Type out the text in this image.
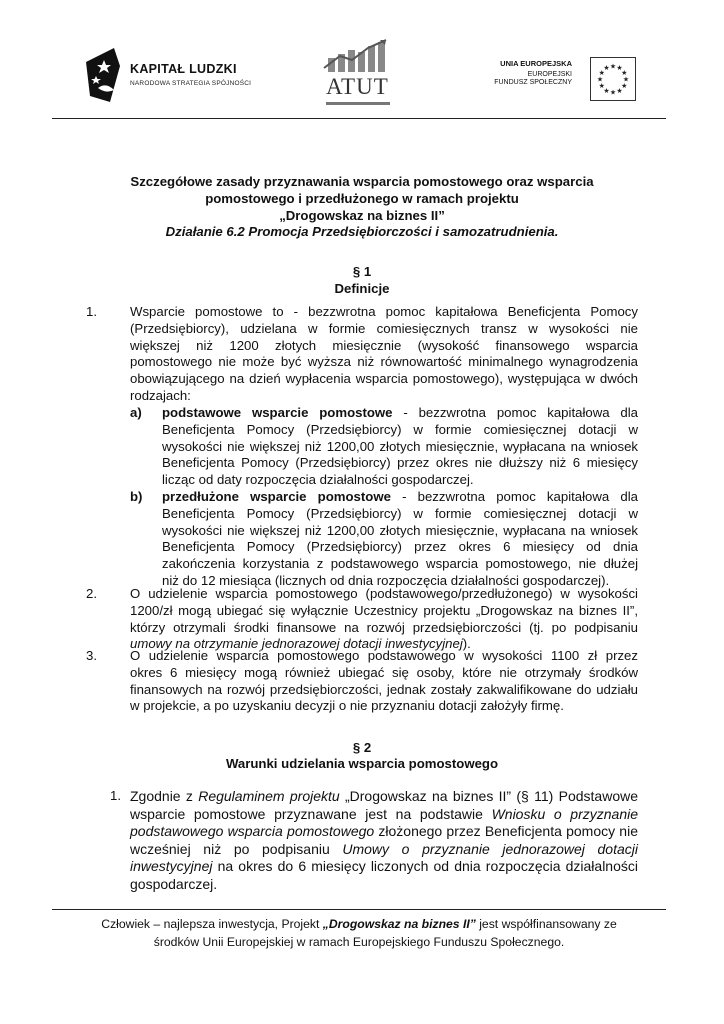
KAPITAŁ LUDZKI
NARODOWA STRATEGIA SPÓJNOŚCI	ATUT
UNIA EUROPEJSKA
EUROPEJSKI
FUNDUSZ SPOŁECZNY
★ ★
★
★
★
★
★
★
★
★
★
★
Szczegółowe zasady przyznawania wsparcia pomostowego oraz wsparcia
pomostowego i przedłużonego w ramach projektu
„Drogowskaz na biznes II”
Działanie 6.2 Promocja Przedsiębiorczości i samozatrudnienia.
§ 1
Definicje
1.	Wsparcie pomostowe to - bezzwrotna pomoc kapitałowa Beneficjenta Pomocy
(Przedsiębiorcy), udzielana w formie comiesięcznych transz w wysokości nie
większej niż 1200 złotych miesięcznie (wysokość finansowego wsparcia
pomostowego nie może być wyższa niż równowartość minimalnego wynagrodzenia
obowiązującego na dzień wypłacenia wsparcia pomostowego), występująca w dwóch
rodzajach:
a) podstawowe wsparcie pomostowe - bezzwrotna pomoc kapitałowa dla
Beneficjenta Pomocy (Przedsiębiorcy) w formie comiesięcznej dotacji w
wysokości nie większej niż 1200,00 złotych miesięcznie, wypłacana na wniosek
Beneficjenta Pomocy (Przedsiębiorcy) przez okres nie dłuższy niż 6 miesięcy
licząc od daty rozpoczęcia działalności gospodarczej.
b) przedłużone wsparcie pomostowe - bezzwrotna pomoc kapitałowa dla
Beneficjenta Pomocy (Przedsiębiorcy) w formie comiesięcznej dotacji w
wysokości nie większej niż 1200,00 złotych miesięcznie, wypłacana na wniosek
Beneficjenta Pomocy (Przedsiębiorcy) przez okres 6 miesięcy od dnia
zakończenia korzystania z podstawowego wsparcia pomostowego, nie dłużej
niż do 12 miesiąca (licznych od dnia rozpoczęcia działalności gospodarczej).
2.	O udzielenie wsparcia pomostowego (podstawowego/przedłużonego) w wysokości
1200/zł mogą ubiegać się wyłącznie Uczestnicy projektu „Drogowskaz na biznes II”,
którzy otrzymali środki finansowe na rozwój przedsiębiorczości (tj. po podpisaniu
umowy na otrzymanie jednorazowej dotacji inwestycyjnej).
3.	O udzielenie wsparcia pomostowego podstawowego w wysokości 1100 zł przez
okres 6 miesięcy mogą również ubiegać się osoby, które nie otrzymały środków
finansowych na rozwój przedsiębiorczości, jednak zostały zakwalifikowane do udziału
w projekcie, a po uzyskaniu decyzji o nie przyznaniu dotacji założyły firmę.
§ 2
Warunki udzielania wsparcia pomostowego
1. Zgodnie z Regulaminem projektu „Drogowskaz na biznes II” (§ 11) Podstawowe
wsparcie pomostowe przyznawane jest na podstawie Wniosku o przyznanie
podstawowego wsparcia pomostowego złożonego przez Beneficjenta pomocy nie
wcześniej niż po podpisaniu Umowy o przyznanie jednorazowej dotacji
inwestycyjnej na okres do 6 miesięcy liczonych od dnia rozpoczęcia działalności
gospodarczej.
Człowiek – najlepsza inwestycja, Projekt „Drogowskaz na biznes II” jest współfinansowany ze
środków Unii Europejskiej w ramach Europejskiego Funduszu Społecznego.
